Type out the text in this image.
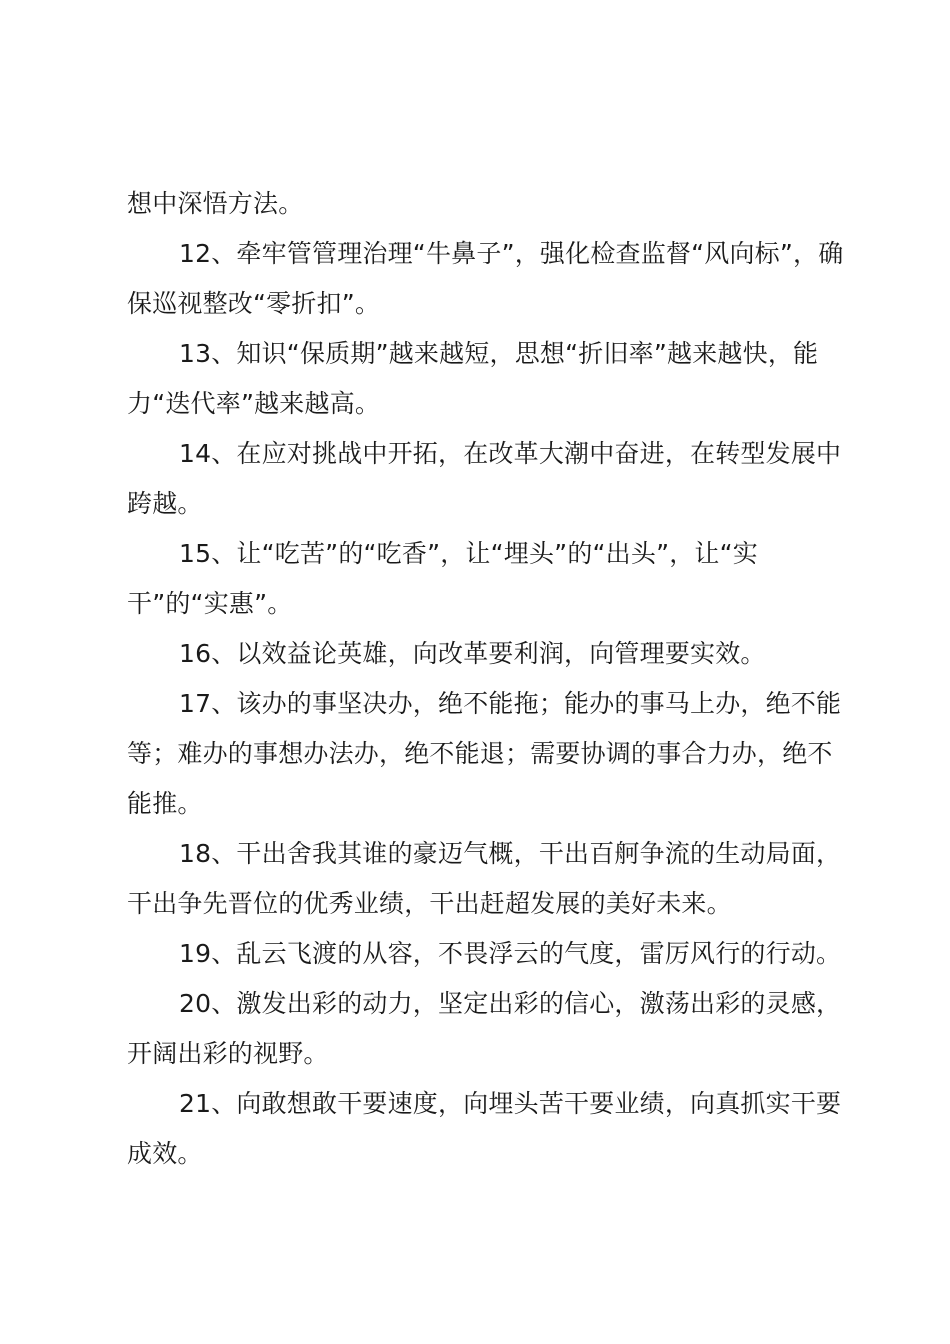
想中深悟方法。

12、牵牢管管理治理“牛鼻子”，强化检查监督“风向标”，确保巡视整改“零折扣”。

13、知识“保质期”越来越短，思想“折旧率”越来越快，能力“迭代率”越来越高。

14、在应对挑战中开拓，在改革大潮中奋进，在转型发展中跨越。

15、让“吃苦”的“吃香”，让“埋头”的“出头”，让“实干”的“实惠”。

16、以效益论英雄，向改革要利润，向管理要实效。

17、该办的事坚决办，绝不能拖；能办的事马上办，绝不能等；难办的事想办法办，绝不能退；需要协调的事合力办，绝不能推。

18、干出舍我其谁的豪迈气概，干出百舸争流的生动局面，干出争先晋位的优秀业绩，干出赶超发展的美好未来。

19、乱云飞渡的从容，不畏浮云的气度，雷厉风行的行动。

20、激发出彩的动力，坚定出彩的信心，激荡出彩的灵感，开阔出彩的视野。

21、向敢想敢干要速度，向埋头苦干要业绩，向真抓实干要成效。
